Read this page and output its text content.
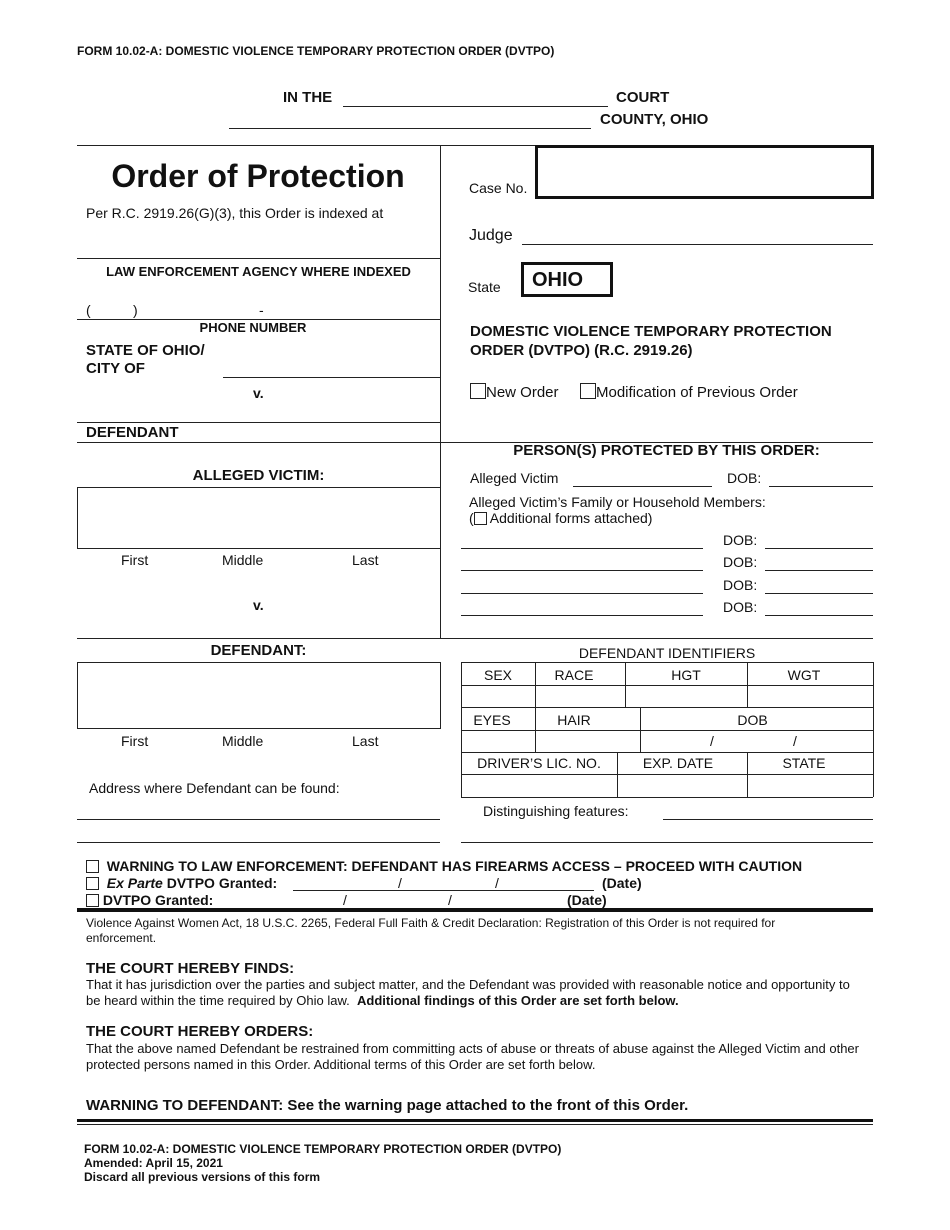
FORM 10.02-A: DOMESTIC VIOLENCE TEMPORARY PROTECTION ORDER (DVTPO)
IN THE	COURT
COUNTY, OHIO
Order of Protection
Per R.C. 2919.26(G)(3), this Order is indexed at
LAW ENFORCEMENT AGENCY WHERE INDEXED
(	)	-
PHONE NUMBER
STATE OF OHIO/
CITY OF
v.
DEFENDANT
Case No.
Judge
State	OHIO
DOMESTIC VIOLENCE TEMPORARY PROTECTION
ORDER (DVTPO) (R.C. 2919.26)
New Order	Modification of Previous Order
ALLEGED VICTIM:
First	Middle	Last
v.
PERSON(S) PROTECTED BY THIS ORDER:
Alleged Victim	DOB:
Alleged Victim’s Family or Household Members:
( Additional forms attached)
DOB:
DOB:
DOB:
DOB:
DEFENDANT:
First	Middle	Last
Address where Defendant can be found:
DEFENDANT IDENTIFIERS
SEX	RACE	HGT	WGT
EYES	HAIR	DOB
/	/
DRIVER’S LIC. NO.	EXP. DATE	STATE
Distinguishing features:
WARNING TO LAW ENFORCEMENT: DEFENDANT HAS FIREARMS ACCESS – PROCEED WITH CAUTION
Ex Parte DVTPO Granted:	/	/	(Date)
DVTPO Granted:	/	/	(Date)
Violence Against Women Act, 18 U.S.C. 2265, Federal Full Faith & Credit Declaration: Registration of this Order is not required for enforcement.
THE COURT HEREBY FINDS:
That it has jurisdiction over the parties and subject matter, and the Defendant was provided with reasonable notice and opportunity to be heard within the time required by Ohio law. Additional findings of this Order are set forth below.
THE COURT HEREBY ORDERS:
That the above named Defendant be restrained from committing acts of abuse or threats of abuse against the Alleged Victim and other protected persons named in this Order. Additional terms of this Order are set forth below.
WARNING TO DEFENDANT: See the warning page attached to the front of this Order.
FORM 10.02-A: DOMESTIC VIOLENCE TEMPORARY PROTECTION ORDER (DVTPO)
Amended: April 15, 2021
Discard all previous versions of this form
